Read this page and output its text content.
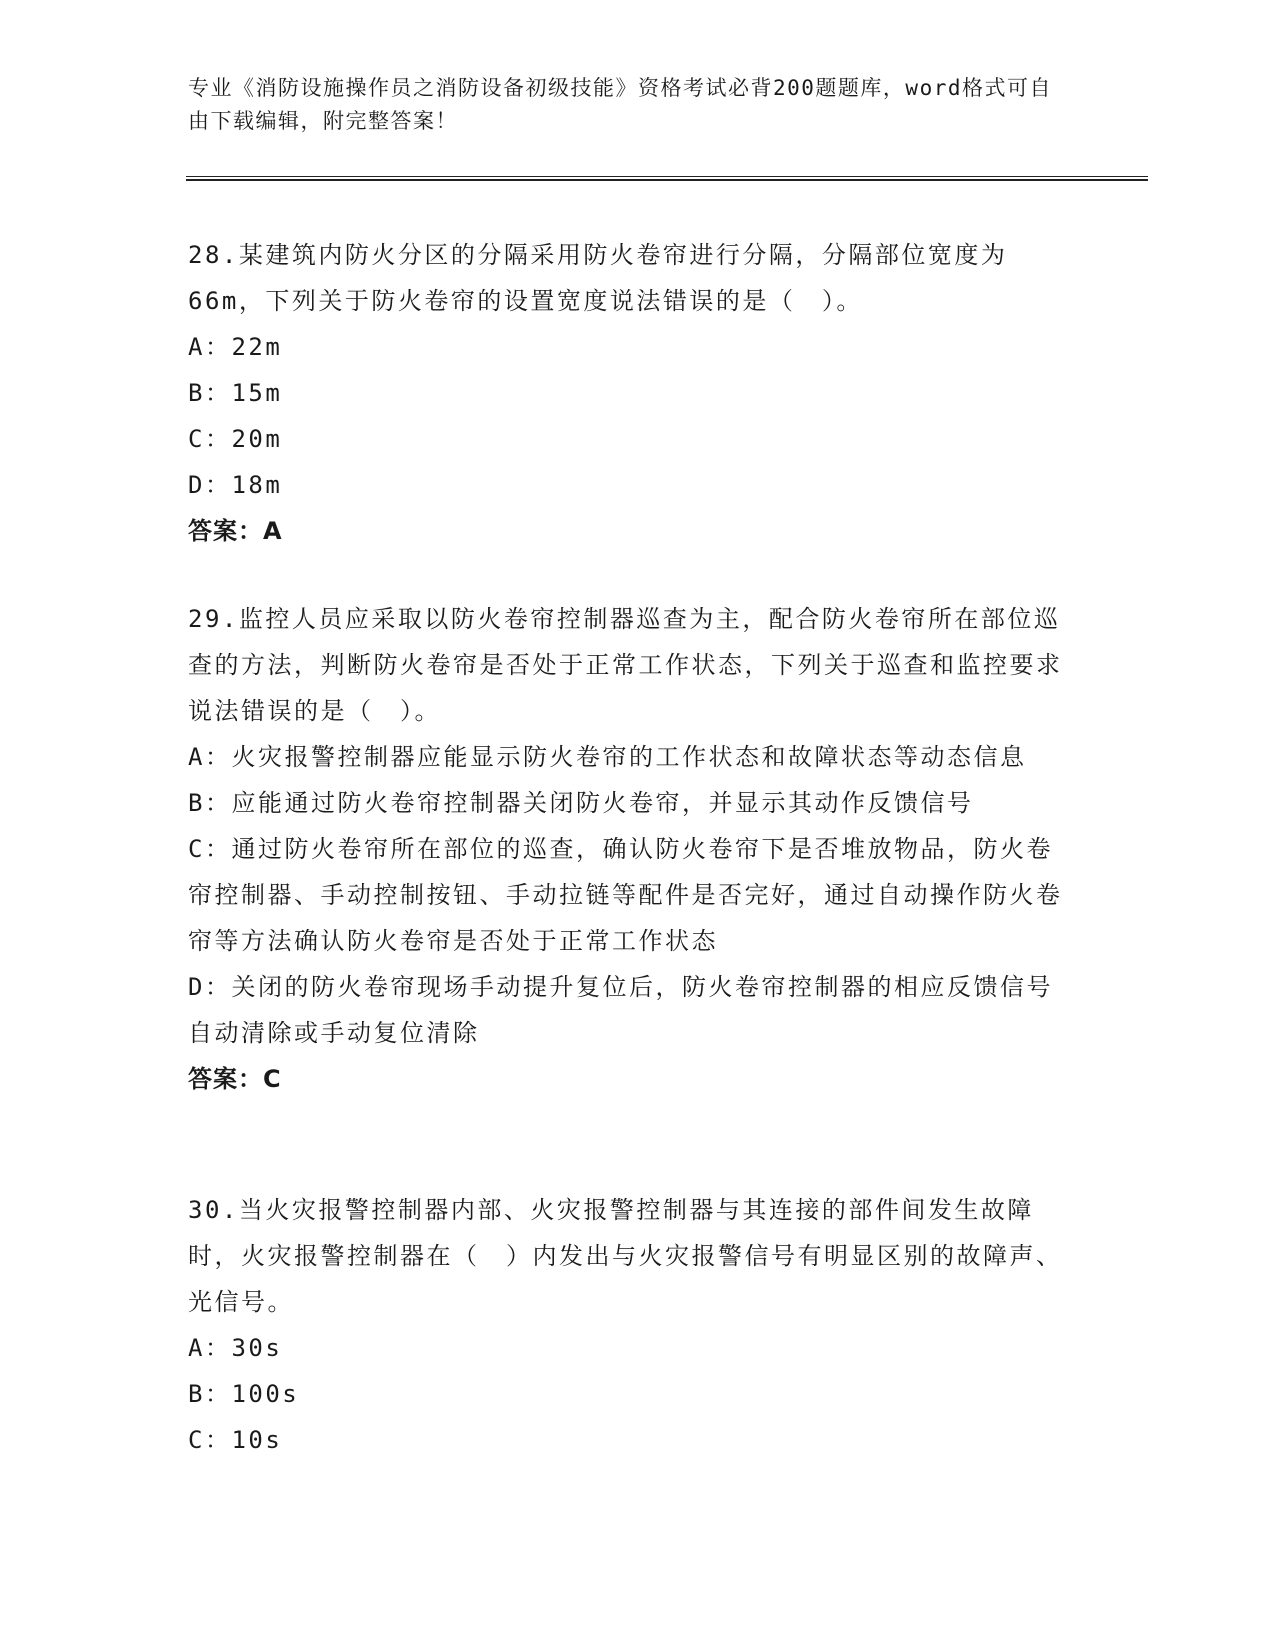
专业《消防设施操作员之消防设备初级技能》资格考试必背200题题库，word格式可自由下载编辑，附完整答案！

28.某建筑内防火分区的分隔采用防火卷帘进行分隔，分隔部位宽度为66m，下列关于防火卷帘的设置宽度说法错误的是（　）。

A：22m

B：15m

C：20m

D：18m

答案：A

29.监控人员应采取以防火卷帘控制器巡查为主，配合防火卷帘所在部位巡查的方法，判断防火卷帘是否处于正常工作状态，下列关于巡查和监控要求说法错误的是（　）。

A：火灾报警控制器应能显示防火卷帘的工作状态和故障状态等动态信息

B：应能通过防火卷帘控制器关闭防火卷帘，并显示其动作反馈信号

C：通过防火卷帘所在部位的巡查，确认防火卷帘下是否堆放物品，防火卷帘控制器、手动控制按钮、手动拉链等配件是否完好，通过自动操作防火卷帘等方法确认防火卷帘是否处于正常工作状态

D：关闭的防火卷帘现场手动提升复位后，防火卷帘控制器的相应反馈信号自动清除或手动复位清除

答案：C

30.当火灾报警控制器内部、火灾报警控制器与其连接的部件间发生故障时，火灾报警控制器在（　）内发出与火灾报警信号有明显区别的故障声、光信号。

A：30s

B：100s

C：10s
